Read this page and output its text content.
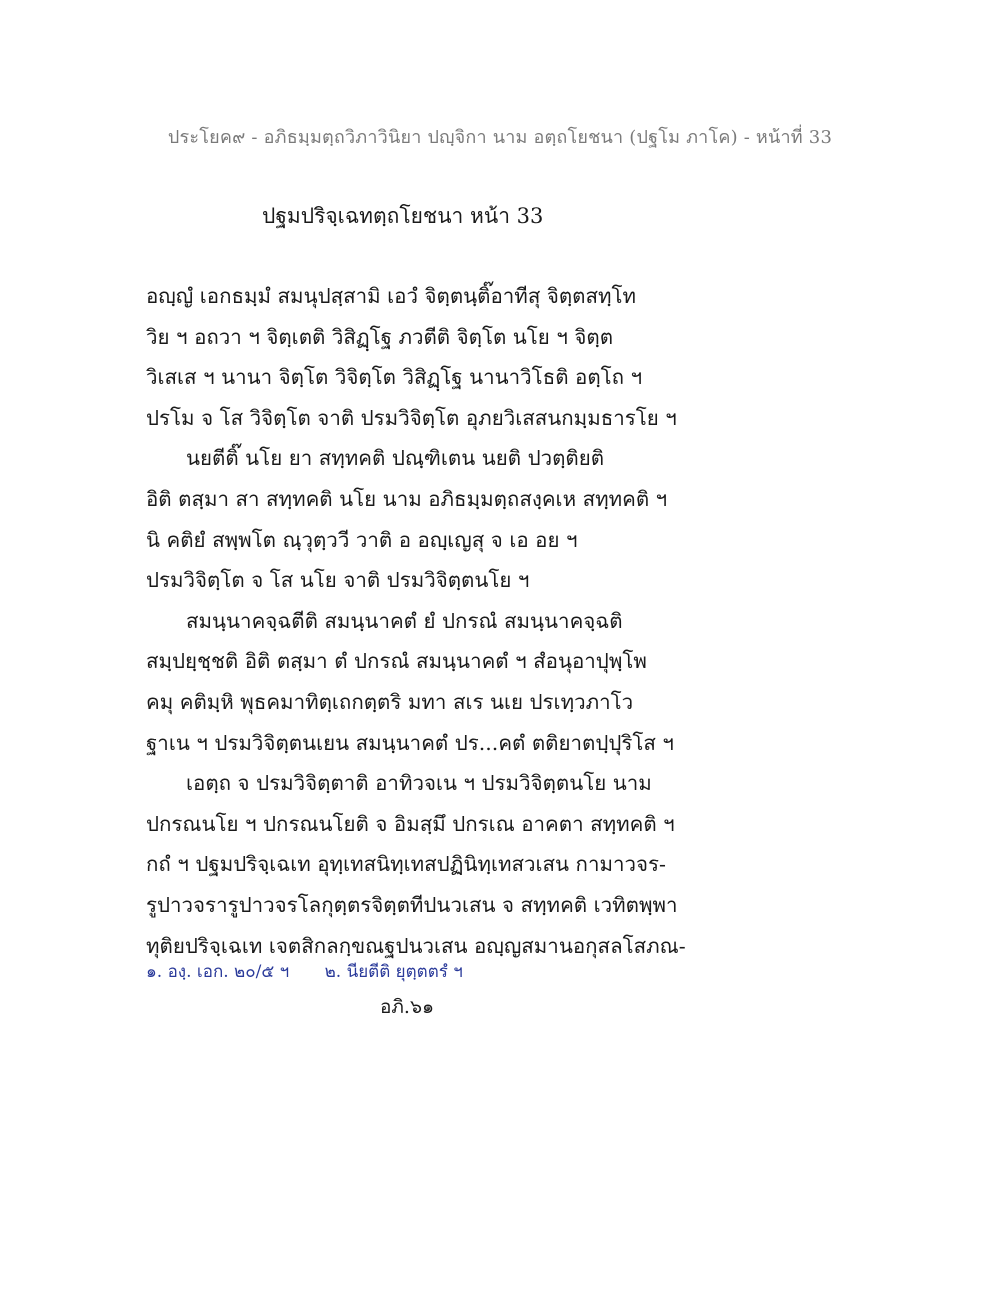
ประโยค๙ - อภิธมฺมตฺถวิภาวินิยา ปญฺจิกา นาม อตฺถโยชนา (ปฐโม ภาโค) - หน้าที่ 33
ปฐมปริจฺเฉทตฺถโยชนา หน้า 33
อญฺญํ เอกธมฺมํ สมนุปสฺสามิ เอวํ จิตฺตนฺติ๊อาทีสุ จิตฺตสทฺโท
วิย ฯ อถวา ฯ จิตฺเตติ วิสิฏฺโฐ ภวตีติ จิตฺโต นโย ฯ จิตฺต
วิเสเส ฯ นานา จิตฺโต วิจิตฺโต วิสิฏฺโฐ นานาวิโธติ อตฺโถ ฯ
ปรโม จ โส วิจิตฺโต จาติ ปรมวิจิตฺโต อุภยวิเสสนกมฺมธารโย ฯ
นยตีติ๊ นโย ยา สทฺทคติ ปณฺฑิเตน นยติ ปวตฺติยติ
อิติ ตสฺมา สา สทฺทคติ นโย นาม อภิธมฺมตฺถสงฺคเห สทฺทคติ ฯ
นิ คติยํ สพฺพโต ณฺวุตฺววี วาติ อ อญฺเญสุ จ เอ อย ฯ
ปรมวิจิตฺโต จ โส นโย จาติ ปรมวิจิตฺตนโย ฯ
สมนฺนาคจฺฉตีติ สมนฺนาคตํ ยํ ปกรณํ สมนฺนาคจฺฉติ
สมฺปยฺชฺชติ อิติ ตสฺมา ตํ ปกรณํ สมนฺนาคตํ ฯ สํอนุอาปุพฺโพ
คมุ คติมฺหิ พุธคมาทิตฺเถกตฺตริ มทา สเร นเย ปรเทฺวภาโว
ฐาเน ฯ ปรมวิจิตฺตนเยน สมนฺนาคตํ ปร...คตํ ตติยาตปฺปุริโส ฯ
เอตฺถ จ ปรมวิจิตฺตาติ อาทิวจเน ฯ ปรมวิจิตฺตนโย นาม
ปกรณนโย ฯ ปกรณนโยติ จ อิมสฺมึ ปกรเณ อาคตา สทฺทคติ ฯ
กถํ ฯ ปฐมปริจฺเฉเท อุทฺเทสนิทฺเทสปฏินิทฺเทสวเสน กามาวจร-
รูปาวจรารูปาวจรโลกุตฺตรจิตฺตทีปนวเสน จ สทฺทคติ เวทิตพฺพา
ทุติยปริจฺเฉเท เจตสิกลกฺขณฐปนวเสน อญฺญสมานอกุสลโสภณ-
๑. องฺ. เอก. ๒๐/๕ ฯ ๒. นียตีติ ยุตฺตตรํ ฯ
อภิ.๖๑
